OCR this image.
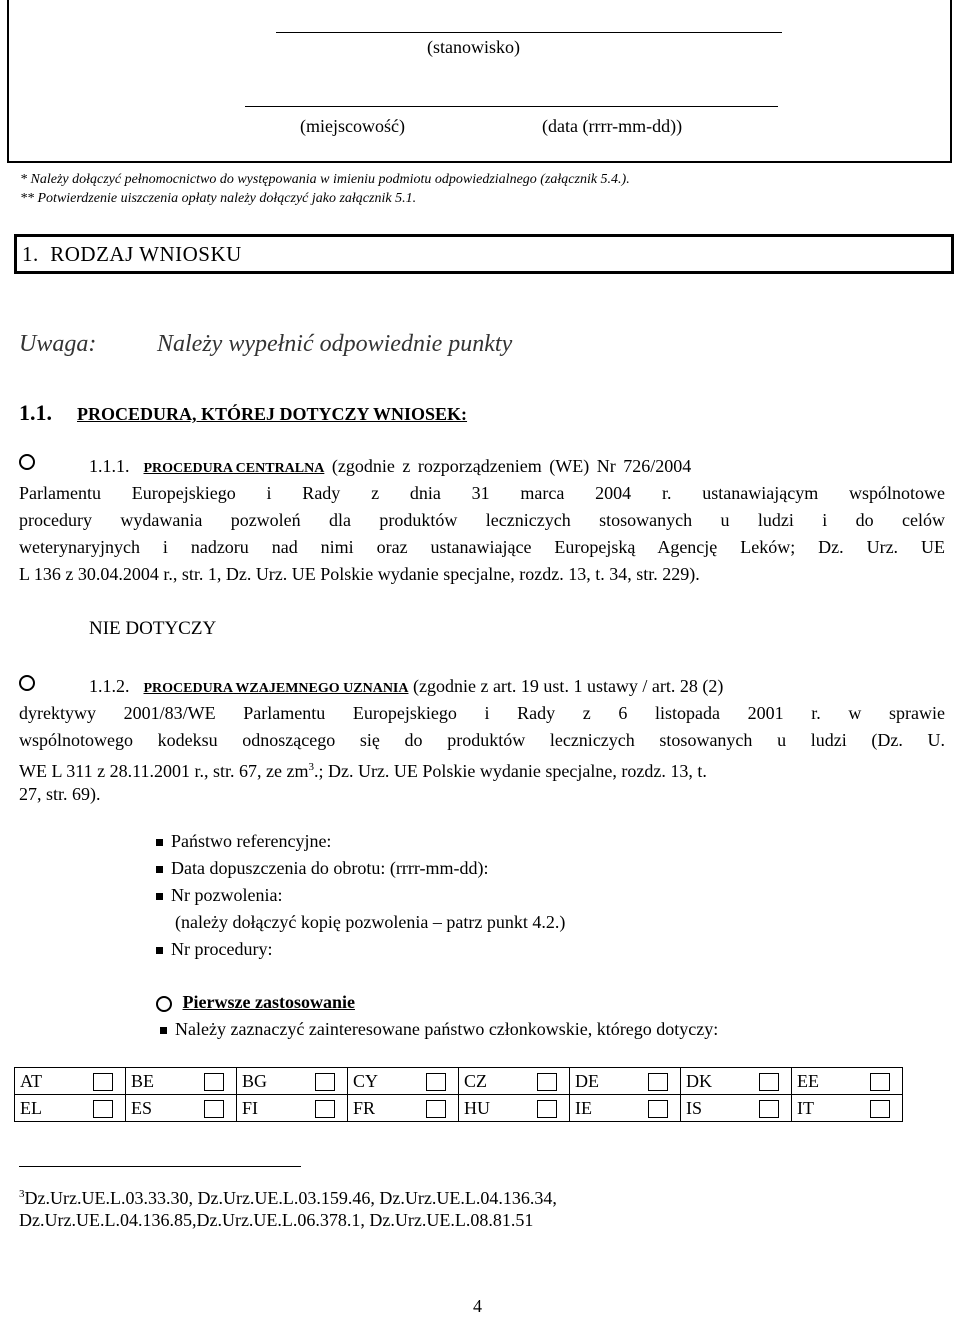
(stanowisko)
(miejscowość)	(data (rrrr-mm-dd))
* Należy dołączyć pełnomocnictwo do występowania w imieniu podmiotu odpowiedzialnego (załącznik 5.4.).
** Potwierdzenie uiszczenia opłaty należy dołączyć jako załącznik 5.1.
1.  RODZAJ WNIOSKU
Uwaga:	Należy wypełnić odpowiednie punkty
1.1. PROCEDURA, KTÓREJ DOTYCZY WNIOSEK:
1.1.1. PROCEDURA CENTRALNA (zgodnie z rozporządzeniem (WE) Nr 726/2004
Parlamentu Europejskiego i Rady z dnia 31 marca 2004 r. ustanawiającym wspólnotowe
procedury wydawania pozwoleń dla produktów leczniczych stosowanych u ludzi i do celów
weterynaryjnych i nadzoru nad nimi oraz ustanawiające Europejską Agencję Leków; Dz. Urz. UE
L 136 z 30.04.2004 r., str. 1, Dz. Urz. UE Polskie wydanie specjalne, rozdz. 13, t. 34, str. 229).
NIE DOTYCZY
1.1.2. PROCEDURA WZAJEMNEGO UZNANIA (zgodnie z art. 19 ust. 1 ustawy / art. 28 (2)
dyrektywy 2001/83/WE Parlamentu Europejskiego i Rady z 6 listopada 2001 r. w sprawie
wspólnotowego kodeksu odnoszącego się do produktów leczniczych stosowanych u ludzi (Dz. U.
WE L 311 z 28.11.2001 r., str. 67, ze $zm^3$.; Dz. Urz. UE Polskie wydanie specjalne, rozdz. 13, t.
27, str. 69).
Państwo referencyjne:
Data dopuszczenia do obrotu: (rrrr-mm-dd):
Nr pozwolenia:
(należy dołączyć kopię pozwolenia – patrz punkt 4.2.)
Nr procedury:
Pierwsze zastosowanie
Należy zaznaczyć zainteresowane państwo członkowskie, którego dotyczy:
AT	BE	BG	CY	CZ	DE	DK	EE

EL	ES	FI	FR	HU	IE	IS	IT
$^3$Dz.Urz.UE.L.03.33.30, Dz.Urz.UE.L.03.159.46, Dz.Urz.UE.L.04.136.34,
Dz.Urz.UE.L.04.136.85,Dz.Urz.UE.L.06.378.1, Dz.Urz.UE.L.08.81.51
4
